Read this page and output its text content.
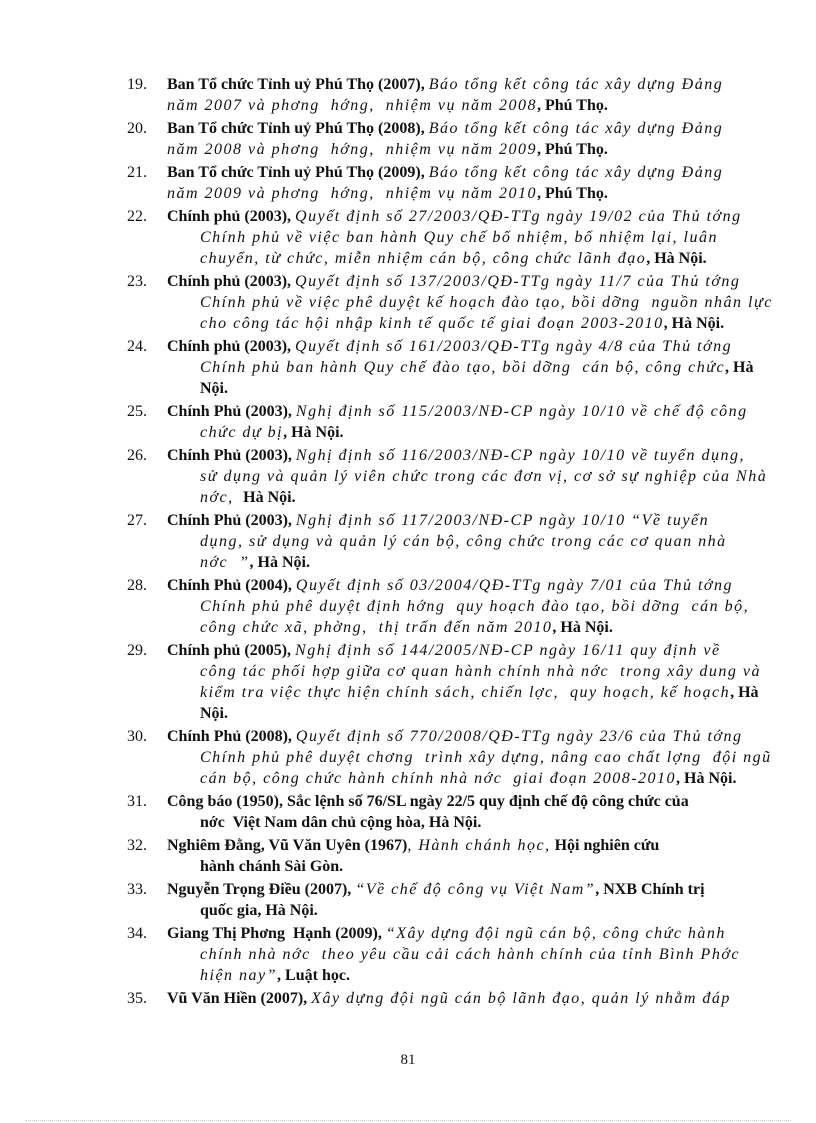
19.	Ban Tổ chức Tỉnh uỷ Phú Thọ (2007), Báo tổng kết công tác xây dựng Đảng
năm 2007 và phơng  hớng,  nhiệm vụ năm 2008, Phú Thọ.
20.	Ban Tổ chức Tỉnh uỷ Phú Thọ (2008), Báo tổng kết công tác xây dựng Đảng
năm 2008 và phơng  hớng,  nhiệm vụ năm 2009, Phú Thọ.
21.	Ban Tổ chức Tỉnh uỷ Phú Thọ (2009), Báo tổng kết công tác xây dựng Đảng
năm 2009 và phơng  hớng,  nhiệm vụ năm 2010, Phú Thọ.
22.	Chính phủ (2003), Quyết định số 27/2003/QĐ-TTg ngày 19/02 của Thủ tớng
Chính phủ về việc ban hành Quy chế bổ nhiệm, bổ nhiệm lại, luân
chuyển, từ chức, miễn nhiệm cán bộ, công chức lãnh đạo, Hà Nội.
23.	Chính phủ (2003), Quyết định số 137/2003/QĐ-TTg ngày 11/7 của Thủ tớng
Chính phủ về việc phê duyệt kế hoạch đào tạo, bồi dỡng  nguồn nhân lực
cho công tác hội nhập kinh tế quốc tế giai đoạn 2003-2010, Hà Nội.
24.	Chính phủ (2003), Quyết định số 161/2003/QĐ-TTg ngày 4/8 của Thủ tớng
Chính phủ ban hành Quy chế đào tạo, bồi dỡng  cán bộ, công chức, Hà
Nội.
25.	Chính Phủ (2003), Nghị định số 115/2003/NĐ-CP ngày 10/10 về chế độ công
chức dự bị, Hà Nội.
26.	Chính Phủ (2003), Nghị định số 116/2003/NĐ-CP ngày 10/10 về tuyển dụng,
sử dụng và quản lý viên chức trong các đơn vị, cơ sở sự nghiệp của Nhà
nớc,  Hà Nội.
27.	Chính Phủ (2003), Nghị định số 117/2003/NĐ-CP ngày 10/10 “Về tuyển
dụng, sử dụng và quản lý cán bộ, công chức trong các cơ quan nhà
nớc  ”, Hà Nội.
28.	Chính Phủ (2004), Quyết định số 03/2004/QĐ-TTg ngày 7/01 của Thủ tớng
Chính phủ phê duyệt định hớng  quy hoạch đào tạo, bồi dỡng  cán bộ,
công chức xã, phờng,  thị trấn đến năm 2010, Hà Nội.
29.	Chính phủ (2005), Nghị định số 144/2005/NĐ-CP ngày 16/11 quy định về
công tác phối hợp giữa cơ quan hành chính nhà nớc  trong xây dung và
kiểm tra việc thực hiện chính sách, chiến lợc,  quy hoạch, kế hoạch, Hà
Nội.
30.	Chính Phủ (2008), Quyết định số 770/2008/QĐ-TTg ngày 23/6 của Thủ tớng
Chính phủ phê duyệt chơng  trình xây dựng, nâng cao chất lợng  đội ngũ
cán bộ, công chức hành chính nhà nớc  giai đoạn 2008-2010, Hà Nội.
31.	Công báo (1950), Sắc lệnh số 76/SL ngày 22/5 quy định chế độ công chức của
nớc  Việt Nam dân chủ cộng hòa, Hà Nội.
32.	Nghiêm Đằng, Vũ Văn Uyên (1967), Hành chánh học, Hội nghiên cứu
hành chánh Sài Gòn.
33.	Nguyễn Trọng Điều (2007), “Về chế độ công vụ Việt Nam”, NXB Chính trị
quốc gia, Hà Nội.
34.	Giang Thị Phơng  Hạnh (2009), “Xây dựng đội ngũ cán bộ, công chức hành
chính nhà nớc  theo yêu cầu cải cách hành chính của tỉnh Bình Phớc
hiện nay”, Luật học.
35.	Vũ Văn Hiền (2007), Xây dựng đội ngũ cán bộ lãnh đạo, quản lý nhằm đáp
81
